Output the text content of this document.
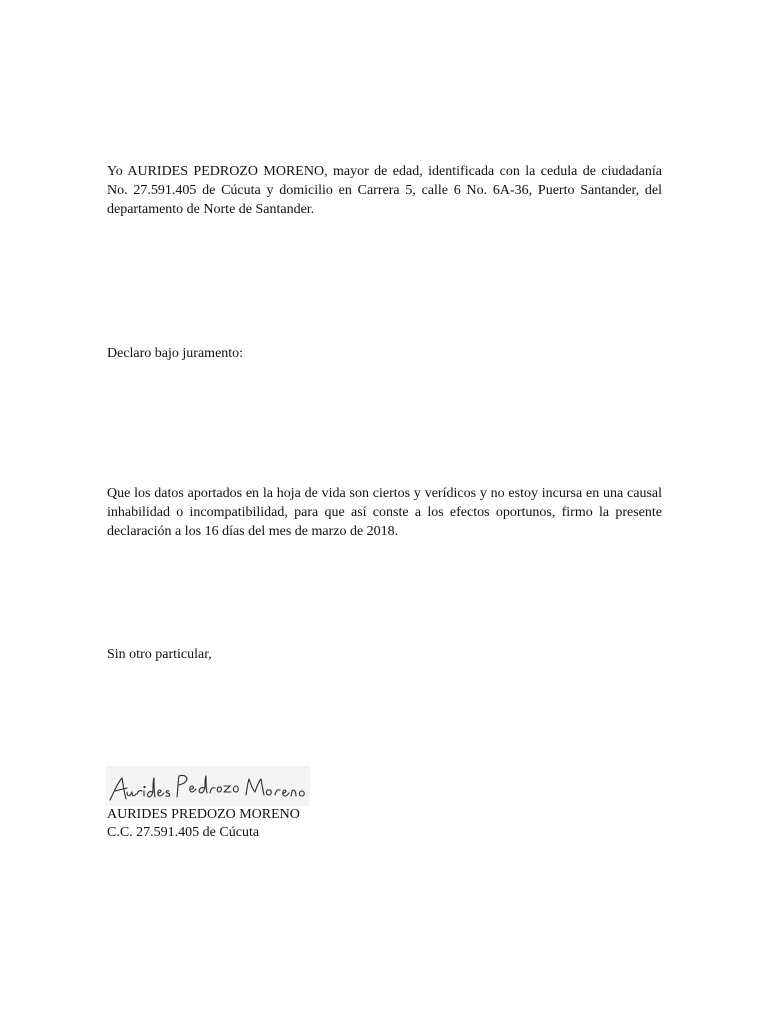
Yo AURIDES PEDROZO MORENO, mayor de edad, identificada con la cedula de ciudadanía No. 27.591.405 de Cúcuta y domicilio en Carrera 5, calle 6 No. 6A-36, Puerto Santander, del departamento de Norte de Santander.

Declaro bajo juramento:

Que los datos aportados en la hoja de vida son ciertos y verídicos y no estoy incursa en una causal inhabilidad o incompatibilidad, para que así conste a los efectos oportunos, firmo la presente declaración a los 16 días del mes de marzo de 2018.

Sin otro particular,

AURIDES PREDOZO MORENO

C.C. 27.591.405 de Cúcuta
